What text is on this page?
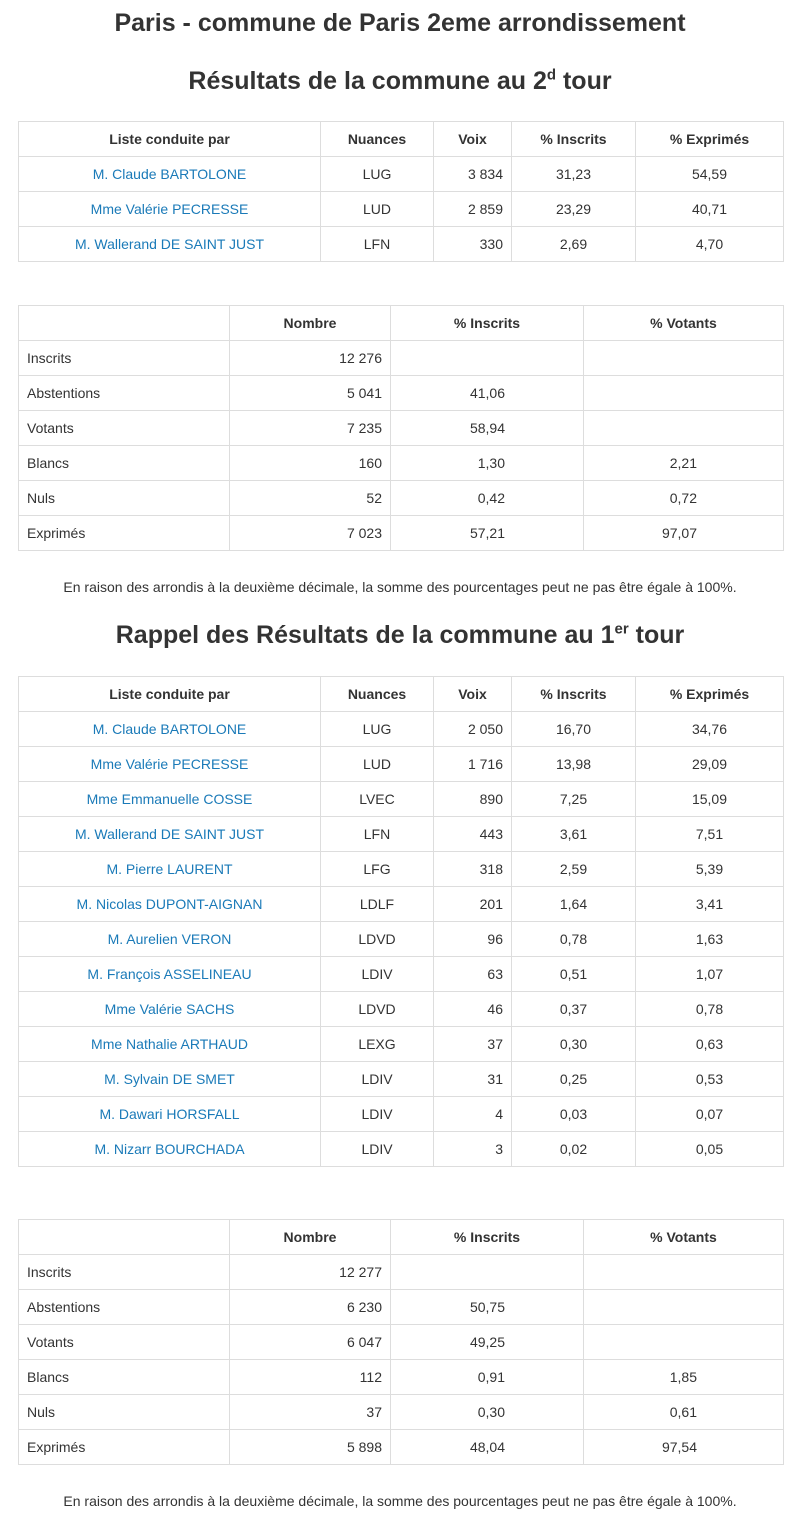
Paris - commune de Paris 2eme arrondissement
Résultats de la commune au 2$^d$ tour
Liste conduite par	Nuances	Voix	% Inscrits	% Exprimés
M. Claude BARTOLONE	LUG	3 834	31,23	54,59
Mme Valérie PECRESSE	LUD	2 859	23,29	40,71
M. Wallerand DE SAINT JUST	LFN	330	2,69	4,70
	Nombre	% Inscrits	% Votants
Inscrits	12 276		
Abstentions	5 041	41,06	
Votants	7 235	58,94	
Blancs	160	1,30	2,21
Nuls	52	0,42	0,72
Exprimés	7 023	57,21	97,07

En raison des arrondis à la deuxième décimale, la somme des pourcentages peut ne pas être égale à 100%.

Rappel des Résultats de la commune au 1er tour
Liste conduite par	Nuances	Voix	% Inscrits	% Exprimés
M. Claude BARTOLONE	LUG	2 050	16,70	34,76
Mme Valérie PECRESSE	LUD	1 716	13,98	29,09
Mme Emmanuelle COSSE	LVEC	890	7,25	15,09
M. Wallerand DE SAINT JUST	LFN	443	3,61	7,51
M. Pierre LAURENT	LFG	318	2,59	5,39
M. Nicolas DUPONT-AIGNAN	LDLF	201	1,64	3,41
M. Aurelien VERON	LDVD	96	0,78	1,63
M. François ASSELINEAU	LDIV	63	0,51	1,07
Mme Valérie SACHS	LDVD	46	0,37	0,78
Mme Nathalie ARTHAUD	LEXG	37	0,30	0,63
M. Sylvain DE SMET	LDIV	31	0,25	0,53
M. Dawari HORSFALL	LDIV	4	0,03	0,07
M. Nizarr BOURCHADA	LDIV	3	0,02	0,05
	Nombre	% Inscrits	% Votants
Inscrits	12 277		
Abstentions	6 230	50,75	
Votants	6 047	49,25	
Blancs	112	0,91	1,85
Nuls	37	0,30	0,61
Exprimés	5 898	48,04	97,54

En raison des arrondis à la deuxième décimale, la somme des pourcentages peut ne pas être égale à 100%.
